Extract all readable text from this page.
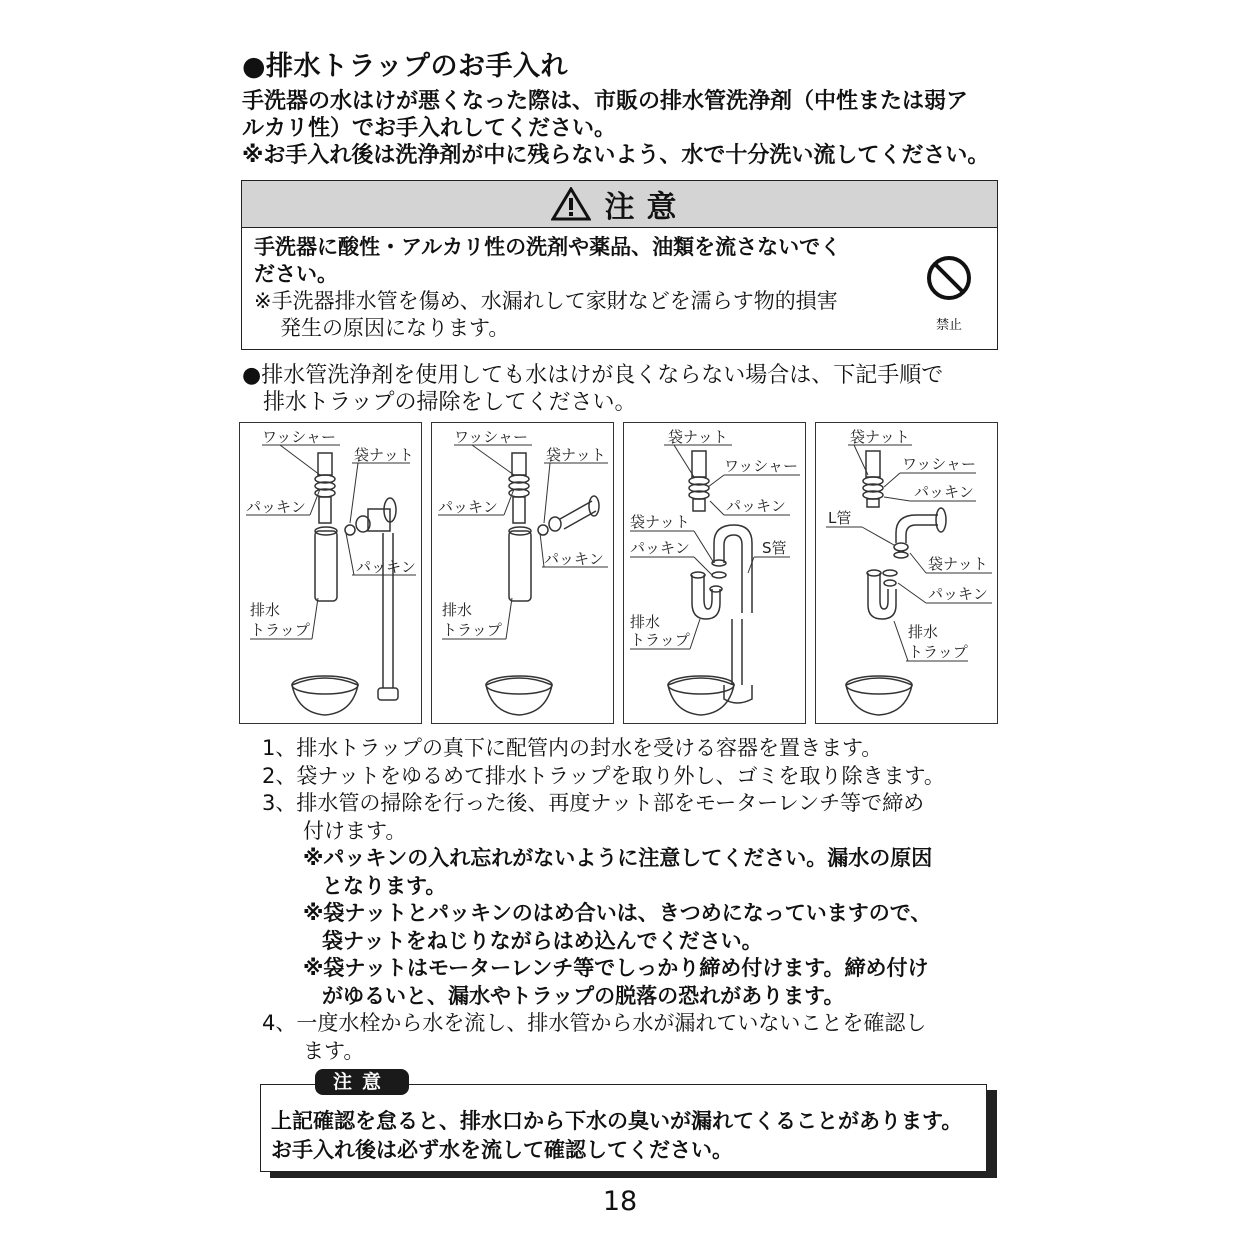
●排水トラップのお手入れ
手洗器の水はけが悪くなった際は、市販の排水管洗浄剤（中性または弱ア
ルカリ性）でお手入れしてください。
※お手入れ後は洗浄剤が中に残らないよう、水で十分洗い流してください。
注意
手洗器に酸性・アルカリ性の洗剤や薬品、油類を流さないでく
ださい。
※手洗器排水管を傷め、水漏れして家財などを濡らす物的損害
発生の原因になります。	禁止
●排水管洗浄剤を使用しても水はけが良くならない場合は、下記手順で
排水トラップの掃除をしてください。
ワッシャー
袋ナット
パッキン
パッキン
排水
トラップ
ワッシャー
袋ナット
パッキン
パッキン
排水
トラップ
袋ナット
ワッシャー
パッキン
袋ナット
パッキン	S管
排水
トラップ
袋ナット
ワッシャー
パッキン
L管
袋ナット
パッキン
排水
トラップ
1、排水トラップの真下に配管内の封水を受ける容器を置きます。
2、袋ナットをゆるめて排水トラップを取り外し、ゴミを取り除きます。
3、排水管の掃除を行った後、再度ナット部をモーターレンチ等で締め
付けます。
※パッキンの入れ忘れがないように注意してください。漏水の原因
となります。
※袋ナットとパッキンのはめ合いは、きつめになっていますので、
袋ナットをねじりながらはめ込んでください。
※袋ナットはモーターレンチ等でしっかり締め付けます。締め付け
がゆるいと、漏水やトラップの脱落の恐れがあります。
4、一度水栓から水を流し、排水管から水が漏れていないことを確認し
ます。
注意
上記確認を怠ると、排水口から下水の臭いが漏れてくることがあります。
お手入れ後は必ず水を流して確認してください。
18
